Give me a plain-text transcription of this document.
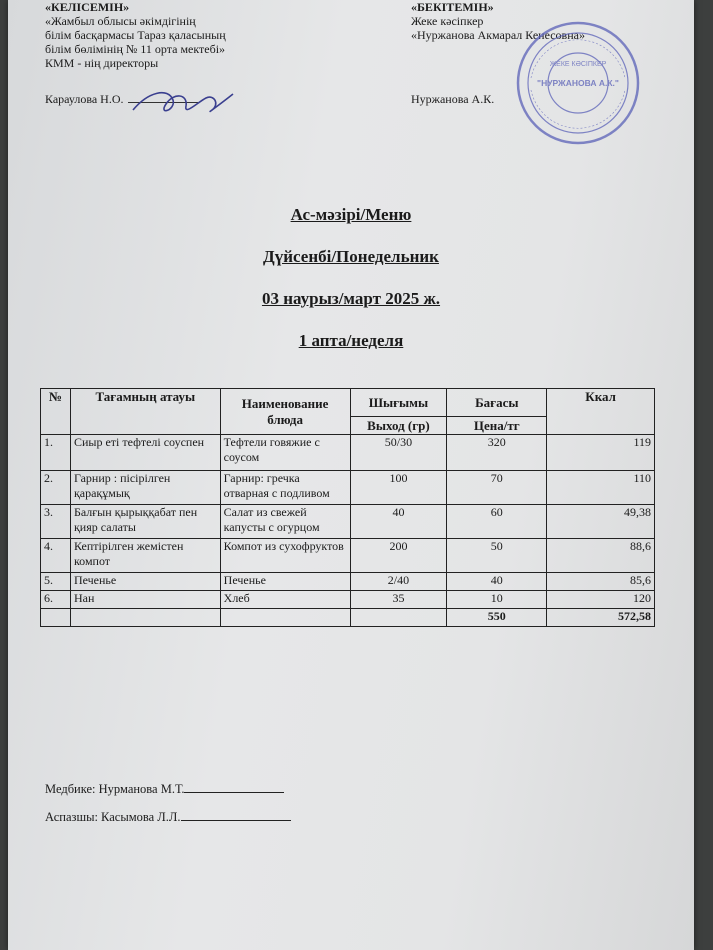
«КЕЛІСЕМІН»
«Жамбыл облысы әкімдігінің
білім басқармасы Тараз қаласының
білім бөлімінің № 11 орта мектебі»
КММ - нің директоры
Караулова Н.О.
«БЕКІТЕМІН»
Жеке кәсіпкер
«Нуржанова Акмарал Кенесовна»
Нуржанова А.К.
ЖЕКЕ КӘСІПКЕР
"НУРЖАНОВА А.К."
Ас-мәзірі/Меню
Дүйсенбі/Понедельник
03 наурыз/март 2025 ж.
1 апта/неделя
№	Тағамның атауы	Наименование блюда	Шығымы	Бағасы	Ккал
			Выход (гр)	Цена/тг	
1.	Сиыр еті тефтелі соуспен	Тефтели говяжие с соусом	50/30	320	119
2.	Гарнир : пісірілген қарақұмық	Гарнир: гречка отварная с подливом	100	70	110
3.	Балғын қырыққабат пен қияр салаты	Салат из свежей капусты с огурцом	40	60	49,38
4.	Кептірілген жемістен компот	Компот из сухофруктов	200	50	88,6
5.	Печенье	Печенье	2/40	40	85,6
6.	Нан	Хлеб	35	10	120
				550	572,58
Медбике: Нурманова М.Т.
Аспазшы: Касымова Л.Л.
